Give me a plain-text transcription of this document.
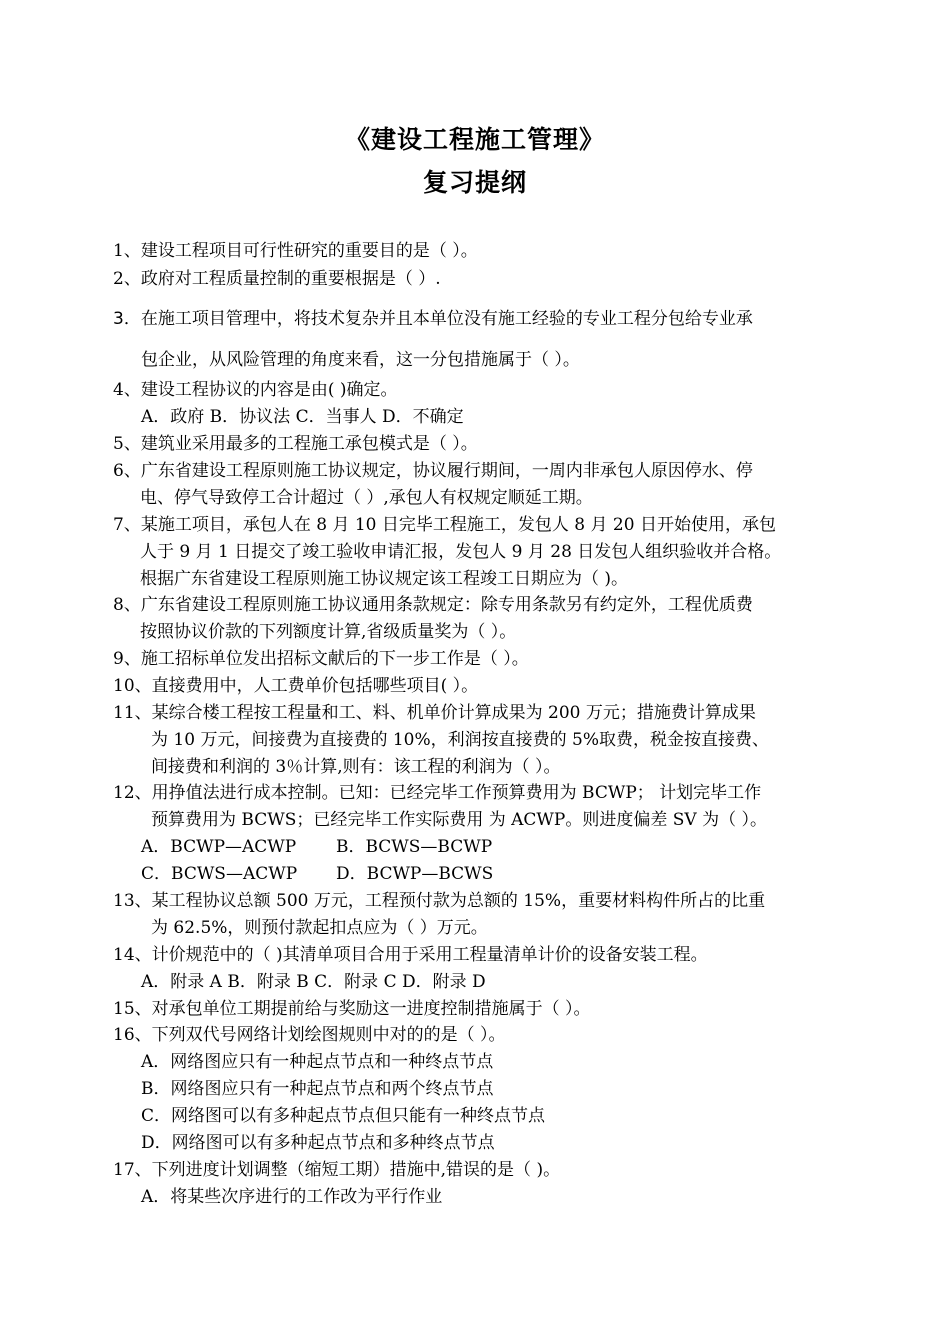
《建设工程施工管理》
复习提纲
1、建设工程项目可行性研究的重要目的是（ ）。
2、政府对工程质量控制的重要根据是（ ）.
3．在施工项目管理中，将技术复杂并且本单位没有施工经验的专业工程分包给专业承
包企业，从风险管理的角度来看，这一分包措施属于（ ）。
4、建设工程协议的内容是由( )确定。
A．政府 B．协议法 C．当事人 D．不确定
5、建筑业采用最多的工程施工承包模式是（ ）。
6、广东省建设工程原则施工协议规定，协议履行期间，一周内非承包人原因停水、停
电、停气导致停工合计超过（ ）,承包人有权规定顺延工期。
7、某施工项目，承包人在 8 月 10 日完毕工程施工，发包人 8 月 20 日开始使用，承包
人于 9 月 1 日提交了竣工验收申请汇报，发包人 9 月 28 日发包人组织验收并合格。
根据广东省建设工程原则施工协议规定该工程竣工日期应为（ )。
8、广东省建设工程原则施工协议通用条款规定：除专用条款另有约定外，工程优质费
按照协议价款的下列额度计算,省级质量奖为（ ）。
9、施工招标单位发出招标文献后的下一步工作是（ ）。
10、直接费用中，人工费单价包括哪些项目( ）。
11、某综合楼工程按工程量和工、料、机单价计算成果为 200 万元；措施费计算成果
为 10 万元，间接费为直接费的 10%，利润按直接费的 5%取费，税金按直接费、
间接费和利润的 3％计算,则有：该工程的利润为（ ）。
12、用挣值法进行成本控制。已知：已经完毕工作预算费用为 BCWP； 计划完毕工作
预算费用为 BCWS；已经完毕工作实际费用 为 ACWP。则进度偏差 SV 为（ ）。
A．BCWP—ACWP B．BCWS—BCWP
C．BCWS—ACWP D．BCWP—BCWS
13、某工程协议总额 500 万元，工程预付款为总额的 15%，重要材料构件所占的比重
为 62.5%，则预付款起扣点应为（ ）万元。
14、计价规范中的（ )其清单项目合用于采用工程量清单计价的设备安装工程。
A．附录 A B．附录 B C．附录 C D．附录 D
15、对承包单位工期提前给与奖励这一进度控制措施属于（ ）。
16、下列双代号网络计划绘图规则中对的的是（ ）。
A．网络图应只有一种起点节点和一种终点节点
B．网络图应只有一种起点节点和两个终点节点
C．网络图可以有多种起点节点但只能有一种终点节点
D．网络图可以有多种起点节点和多种终点节点
17、下列进度计划调整（缩短工期）措施中,错误的是（ )。
A．将某些次序进行的工作改为平行作业
